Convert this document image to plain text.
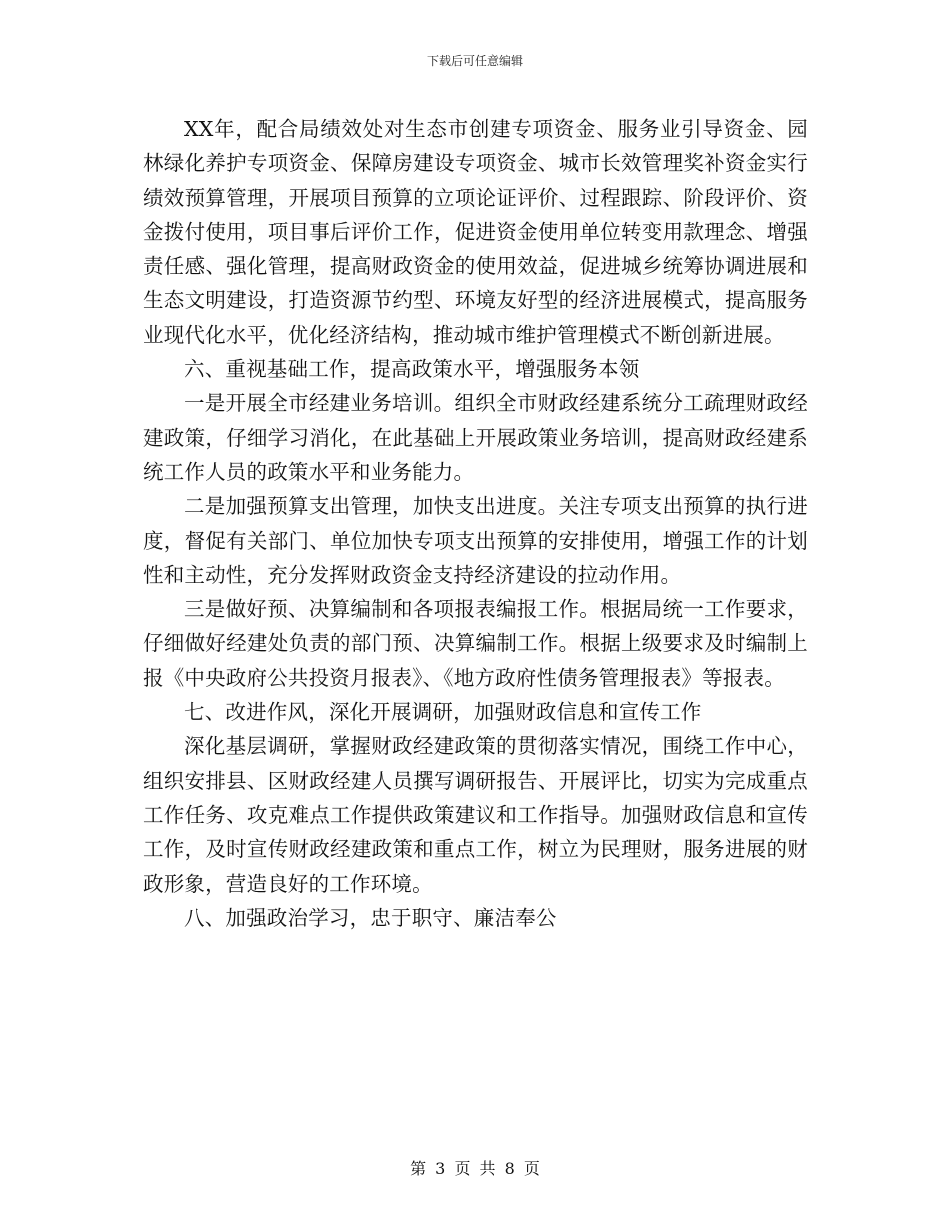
下载后可任意编辑

XX年，配合局绩效处对生态市创建专项资金、服务业引导资金、园林绿化养护专项资金、保障房建设专项资金、城市长效管理奖补资金实行绩效预算管理，开展项目预算的立项论证评价、过程跟踪、阶段评价、资金拨付使用，项目事后评价工作，促进资金使用单位转变用款理念、增强责任感、强化管理，提高财政资金的使用效益，促进城乡统筹协调进展和生态文明建设，打造资源节约型、环境友好型的经济进展模式，提高服务业现代化水平，优化经济结构，推动城市维护管理模式不断创新进展。

六、重视基础工作，提高政策水平，增强服务本领

一是开展全市经建业务培训。组织全市财政经建系统分工疏理财政经建政策，仔细学习消化，在此基础上开展政策业务培训，提高财政经建系统工作人员的政策水平和业务能力。

二是加强预算支出管理，加快支出进度。关注专项支出预算的执行进度，督促有关部门、单位加快专项支出预算的安排使用，增强工作的计划性和主动性，充分发挥财政资金支持经济建设的拉动作用。

三是做好预、决算编制和各项报表编报工作。根据局统一工作要求，仔细做好经建处负责的部门预、决算编制工作。根据上级要求及时编制上报《中央政府公共投资月报表》、《地方政府性债务管理报表》等报表。

七、改进作风，深化开展调研，加强财政信息和宣传工作

深化基层调研，掌握财政经建政策的贯彻落实情况，围绕工作中心，组织安排县、区财政经建人员撰写调研报告、开展评比，切实为完成重点工作任务、攻克难点工作提供政策建议和工作指导。加强财政信息和宣传工作，及时宣传财政经建政策和重点工作，树立为民理财，服务进展的财政形象，营造良好的工作环境。

八、加强政治学习，忠于职守、廉洁奉公

第 3 页 共 8 页
